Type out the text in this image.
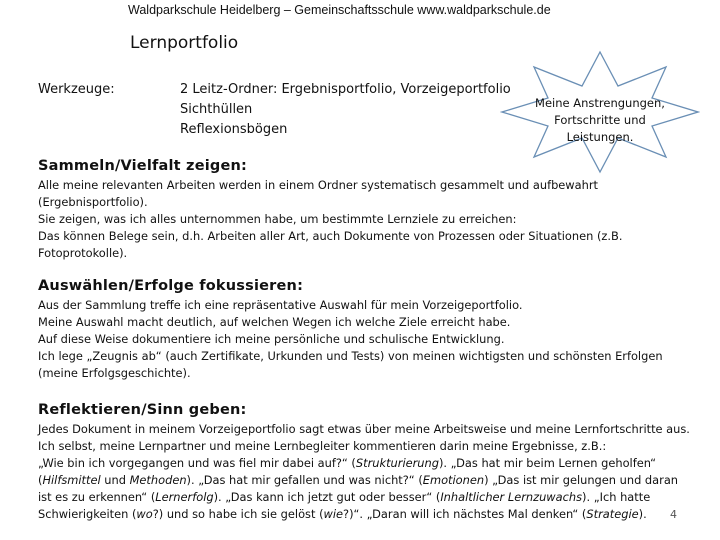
Waldparkschule Heidelberg – Gemeinschaftsschule www.waldparkschule.de
Lernportfolio
Werkzeuge:	2 Leitz-Ordner: Ergebnisportfolio, Vorzeigeportfolio
Sichthüllen
Reflexionsbögen
Meine Anstrengungen,
Fortschritte und
Leistungen.
Sammeln/Vielfalt zeigen:
Alle meine relevanten Arbeiten werden in einem Ordner systematisch gesammelt und aufbewahrt
(Ergebnisportfolio).
Sie zeigen, was ich alles unternommen habe, um bestimmte Lernziele zu erreichen:
Das können Belege sein, d.h. Arbeiten aller Art, auch Dokumente von Prozessen oder Situationen (z.B.
Fotoprotokolle).
Auswählen/Erfolge fokussieren:
Aus der Sammlung treffe ich eine repräsentative Auswahl für mein Vorzeigeportfolio.
Meine Auswahl macht deutlich, auf welchen Wegen ich welche Ziele erreicht habe.
Auf diese Weise dokumentiere ich meine persönliche und schulische Entwicklung.
Ich lege „Zeugnis ab“ (auch Zertifikate, Urkunden und Tests) von meinen wichtigsten und schönsten Erfolgen
(meine Erfolgsgeschichte).
Reflektieren/Sinn geben:
Jedes Dokument in meinem Vorzeigeportfolio sagt etwas über meine Arbeitsweise und meine Lernfortschritte aus.
Ich selbst, meine Lernpartner und meine Lernbegleiter kommentieren darin meine Ergebnisse, z.B.:
„Wie bin ich vorgegangen und was fiel mir dabei auf?“ (Strukturierung). „Das hat mir beim Lernen geholfen“ (Hilfsmittel und Methoden). „Das hat mir gefallen und was nicht?“ (Emotionen) „Das ist mir gelungen und daran ist es zu erkennen“ (Lernerfolg). „Das kann ich jetzt gut oder besser“ (Inhaltlicher Lernzuwachs). „Ich hatte Schwierigkeiten (wo?) und so habe ich sie gelöst (wie?)“. „Daran will ich nächstes Mal denken“ (Strategie).	4
